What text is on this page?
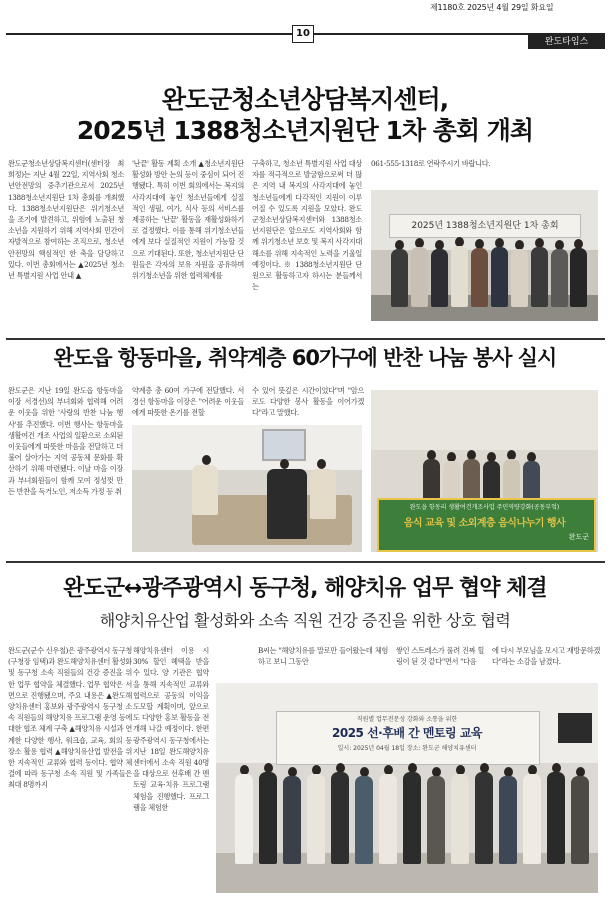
제1180호 2025년 4월 29일 화요일
10
완도타임스
완도군청소년상담복지센터,
2025년 1388청소년지원단 1차 총회 개최
완도군청소년상담복지센터(센터장 최희정)는 지난 4월 22일, 지역사회 청소년안전망의 중추기관으로서 2025년 1388청소년지원단 1차 총회를 개최했다. 1388청소년지원단은 위기청소년을 조기에 발견하고, 위험에 노출된 청소년을 지원하기 위해 지역사회 민간이 자발적으로 참여하는 조직으로, 청소년안전망의 핵심적인 한 축을 담당하고 있다. 이번 총회에서는 ▲2025년 청소년 특별지원 사업 안내 ▲
'난끝' 활동 계획 소개 ▲청소년지원단 활성화 방안 논의 등이 중심이 되어 진행됐다. 특히 이번 회의에서는 복지의 사각지대에 놓인 청소년들에게 실질적인 생필, 여가, 식사 등의 서비스를 제공하는 '난끝' 활동을 재활성화하기로 결정했다. 이를 통해 위기청소년들에게 보다 실질적인 지원이 가능할 것으로 기대된다. 또한, 청소년지원단 단원들은 각자의 보유 자원을 공유하며 위기청소년을 위한 협력체계를
구축하고, 청소년 특별지원 사업 대상자를 적극적으로 발굴함으로써 더 많은 지역 내 복지의 사각지대에 놓인 청소년들에게 다각적인 지원이 이루어질 수 있도록 지원을 모았다. 완도군청소년상담복지센터와 1388청소년지원단은 앞으로도 지역사회와 함께 위기청소년 보호 및 복지 사각지대 해소를 위해 지속적인 노력을 기울일 예정이다. ※ 1388청소년지원단 단원으로 활동하고자 하시는 분들께서는
061-555-1318로 연락주시기 바랍니다.
2025년 1388청소년지원단 1차 총회
완도읍 항동마을, 취약계층 60가구에 반찬 나눔 봉사 실시
완도군은 지난 19일 완도읍 항동마을이장 서경선)의 부녀회와 협력해 어려운 이웃을 위한 '사랑의 반찬 나눔 행사'를 추진했다. 이번 행사는 항동마을 생활여건 개조 사업의 일환으로 소외된 이웃들에게 따뜻한 마음을 전달하고 더불어 살아가는 지역 공동체 문화를 확산하기 위해 마련됐다. 이날 마을 이장과 부녀회원들이 함께 모여 정성껏 만든 반찬을 독거노인, 저소득 가정 등 취
약계층 총 60여 가구에 전달했다. 서경선 항동마을 이장은 "어려운 이웃들에게 따뜻한 온기를 전할
수 있어 뜻깊은 시간이었다"며 "앞으로도 다양한 봉사 활동을 이어가겠다"라고 말했다.
완도읍 항동리 생활여건개조사업 주민역량강화(공동부엌)
음식 교육 및 소외계층 음식나누기 행사
완도군
완도군↔광주광역시 동구청, 해양치유 업무 협약 체결
해양치유산업 활성화와 소속 직원 건강 증진을 위한 상호 협력
완도군(군수 신우철)은 광주광역시 동구청(구청장 임택)과 완도해양치유센터 활성화 및 동구청 소속 직원들의 건강 증진을 위한 업무 협약을 체결했다. 업무 협약은 서면으로 진행됐으며, 주요 내용은 ▲완도해양치유센터 홍보와 광주광역시 동구청 소속 직원들의 해양치유 프로그램 운영 등에 대한 협조 체계 구축 ▲해양치유 시설과 연계한 다양한 행사, 워크숍, 교육, 회의 등 장소 활용 협력 ▲해양치유산업 발전을 위한 지속적인 교류와 협력 등이다. 협약 체결에 따라 동구청 소속 직원 및 가족들은 최대 8명까지
해양치유센터 이용 시 30% 할인 혜택을 받을 수 있다. 양 기관은 협약을 통해 지속적인 교류와 협력으로 공동의 이익을 도모할 계획이며, 앞으로도 다양한 홍보 활동을 전개해 나갈 예정이다. 한편 광주광역시 동구청에서는 지난 18일 완도해양치유센터에서 소속 직원 40명을 대상으로 선후배 간 멘토링 교육·치유 프로그램 체험을 진행했다. 프로그램을 체험한
B씨는 "해양치유를 말로만 들어왔는데 체험하고 보니 그동안
쌓인 스트레스가 풀려 진짜 힐링이 된 것 같다"면서 "다음
에 다시 부모님을 모시고 재방문하겠다"라는 소감을 남겼다.
직원별 업무전문성 강화와 소통을 위한
2025 선·후배 간 멘토링 교육
일시: 2025년 04월 18일 장소: 완도군 해양치유센터
